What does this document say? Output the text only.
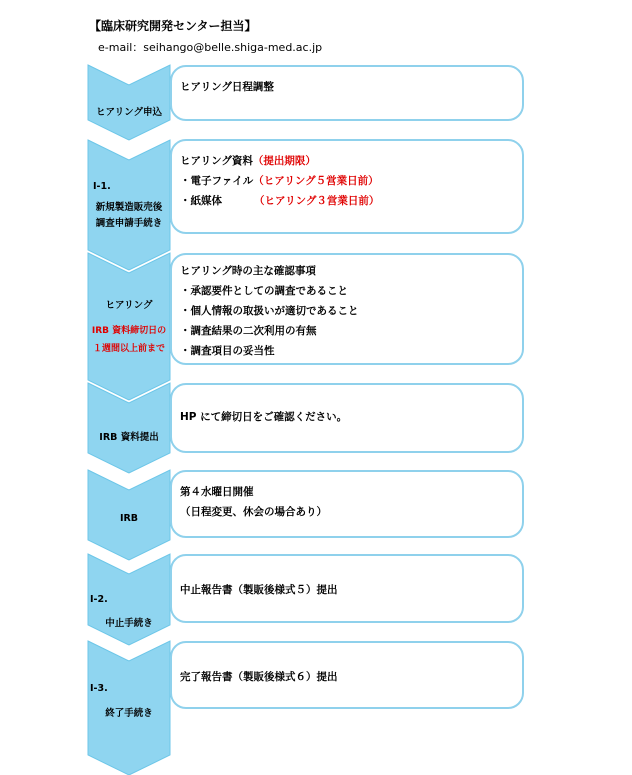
【臨床研究開発センター担当】
e-mail：seihango@belle.shiga-med.ac.jp
ヒアリング日程調整
ヒアリング申込
ヒアリング資料（提出期限）
・電子ファイル（ヒアリング５営業日前）
・紙媒体	（ヒアリング３営業日前）
Ⅰ-1.
新規製造販売後
調査申請手続き
ヒアリング時の主な確認事項
・承認要件としての調査であること
・個人情報の取扱いが適切であること
・調査結果の二次利用の有無
・調査項目の妥当性
ヒアリング
IRB 資料締切日の
１週間以上前まで
HP にて締切日をご確認ください。
IRB 資料提出
第４水曜日開催
（日程変更、休会の場合あり）
IRB
中止報告書（製販後様式５）提出
Ⅰ-2.
中止手続き
完了報告書（製販後様式６）提出
Ⅰ-3.
終了手続き
